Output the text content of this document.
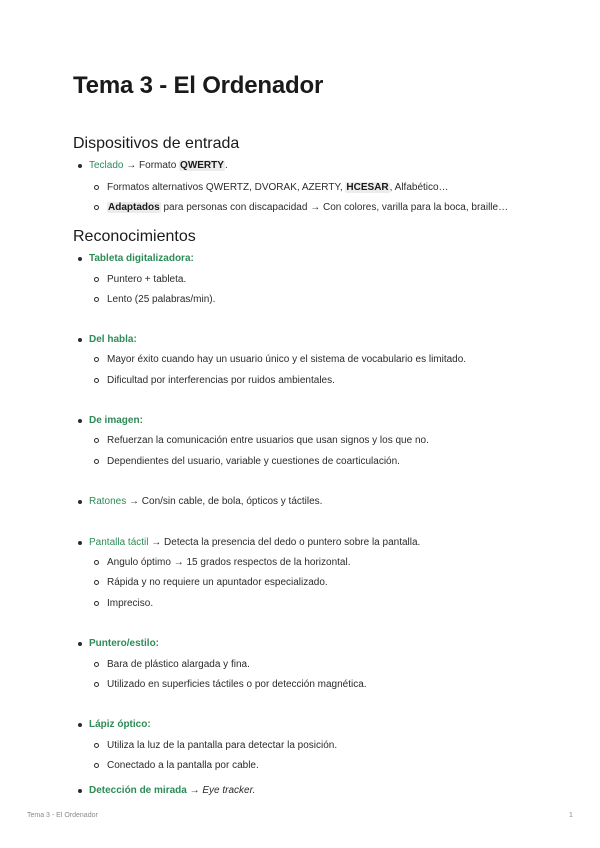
Tema 3 - El Ordenador
Dispositivos de entrada
Teclado → Formato QWERTY.
Formatos alternativos QWERTZ, DVORAK, AZERTY, HCESAR, Alfabético…
Adaptados para personas con discapacidad → Con colores, varilla para la boca, braille…
Reconocimientos
Tableta digitalizadora:
Puntero + tableta.
Lento (25 palabras/min).
Del habla:
Mayor éxito cuando hay un usuario único y el sistema de vocabulario es limitado.
Dificultad por interferencias por ruidos ambientales.
De imagen:
Refuerzan la comunicación entre usuarios que usan signos y los que no.
Dependientes del usuario, variable y cuestiones de coarticulación.
Ratones → Con/sin cable, de bola, ópticos y táctiles.
Pantalla táctil → Detecta la presencia del dedo o puntero sobre la pantalla.
Angulo óptimo → 15 grados respectos de la horizontal.
Rápida y no requiere un apuntador especializado.
Impreciso.
Puntero/estilo:
Bara de plástico alargada y fina.
Utilizado en superficies táctiles o por detección magnética.
Lápiz óptico:
Utiliza la luz de la pantalla para detectar la posición.
Conectado a la pantalla por cable.
Detección de mirada → Eye tracker.
Tema 3 - El Ordenador	1
